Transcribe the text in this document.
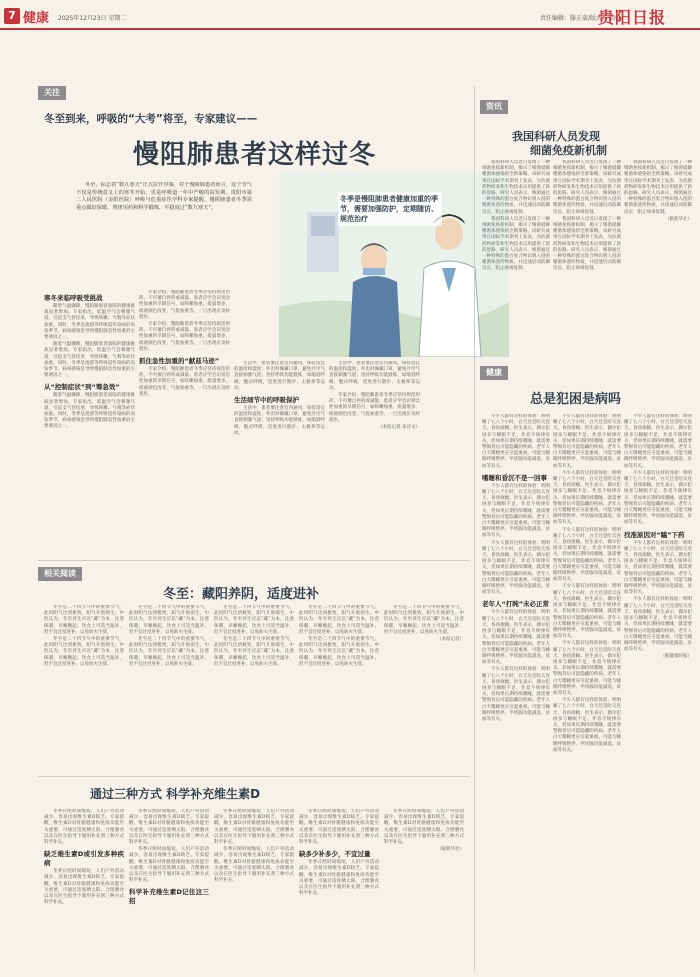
7 健康 2025年12月23日 星期二	责任编辑：滕正豪/版式：吴丽
贵阳日报
关注
冬至到来，呼吸的“大考”将至，专家建议——
慢阻肺患者这样过冬

冬至，标志着“数九寒天”正式拉开序幕，对于慢阻肺患者而言，这个节气不仅是传统意义上的寒冬开始，更是呼吸道一年中严峻的高发期。贵阳市第二人民医院（金阳医院）呼吸与危重症医学科专家提醒，慢阻肺患者冬季需重点做好保暖、规律用药和科学锻炼，平稳度过“数九寒天”。

冬季是慢阻肺患者健康加重的季节，需要加强防护，定期随访、规范治疗
寒冬来临呼吸受挑战

随着气温骤降，慢阻肺患者面临的健康挑战显著增加。专家指出，低温空气会刺激气道，引起支气管痉挛，导致咳嗽、气喘等症状加重。同时，冬季是流感等呼吸道传染病的高发季节，病毒感染是导致慢阻肺急性加重的主要诱因之一。

随着气温骤降，慢阻肺患者面临的健康挑战显著增加。专家指出，低温空气会刺激气道，引起支气管痉挛，导致咳嗽、气喘等症状加重。同时，冬季是流感等呼吸道传染病的高发季节，病毒感染是导致慢阻肺急性加重的主要诱因之一。

从“控制症状”到“筹急效”

随着气温骤降，慢阻肺患者面临的健康挑战显著增加。专家指出，低温空气会刺激气道，引起支气管痉挛，导致咳嗽、气喘等症状加重。同时，冬季是流感等呼吸道传染病的高发季节，病毒感染是导致慢阻肺急性加重的主要诱因之一。

专家介绍，慢阻肺患者冬季应坚持规范用药，不可擅自停药或减量。患者应学会识别急性加重的早期信号，如咳嗽加重、痰量增多、痰液颜色改变、气促加重等，一旦出现应及时就医。

专家介绍，慢阻肺患者冬季应坚持规范用药，不可擅自停药或减量。患者应学会识别急性加重的早期信号，如咳嗽加重、痰量增多、痰液颜色改变、气促加重等，一旦出现应及时就医。

抓住急性加重的“献兹马迹”

专家介绍，慢阻肺患者冬季应坚持规范用药，不可擅自停药或减量。患者应学会识别急性加重的早期信号，如咳嗽加重、痰量增多、痰液颜色改变、气促加重等，一旦出现应及时就医。

生活中，患者要注意室内通风，保持适宜的温度和湿度；外出时佩戴口罩，避免冷空气直接刺激气道；坚持呼吸功能锻炼，如缩唇呼吸、腹式呼吸，适度进行散步、太极拳等运动。

生活细节中的呼吸保护

生活中，患者要注意室内通风，保持适宜的温度和湿度；外出时佩戴口罩，避免冷空气直接刺激气道；坚持呼吸功能锻炼，如缩唇呼吸、腹式呼吸，适度进行散步、太极拳等运动。

生活中，患者要注意室内通风，保持适宜的温度和湿度；外出时佩戴口罩，避免冷空气直接刺激气道；坚持呼吸功能锻炼，如缩唇呼吸、腹式呼吸，适度进行散步、太极拳等运动。

专家介绍，慢阻肺患者冬季应坚持规范用药，不可擅自停药或减量。患者应学会识别急性加重的早期信号，如咳嗽加重、痰量增多、痰液颜色改变、气促加重等，一旦出现应及时就医。

（本报记者 朱诗文）

资讯
我国科研人员发现
细菌免疫新机制

我国科研人员近日发现了一种细菌免疫新机制，揭示了细菌抵御噬菌体感染的全新策略。该研究成果在国际学术期刊上发表，为抗菌药物研发和生物技术应用提供了新的思路。研究人员表示，细菌通过一种特殊的蛋白复合物识别入侵的噬菌体遗传物质，并迅速启动防御反应，阻止病毒复制。

我国科研人员近日发现了一种细菌免疫新机制，揭示了细菌抵御噬菌体感染的全新策略。该研究成果在国际学术期刊上发表，为抗菌药物研发和生物技术应用提供了新的思路。研究人员表示，细菌通过一种特殊的蛋白复合物识别入侵的噬菌体遗传物质，并迅速启动防御反应，阻止病毒复制。

我国科研人员近日发现了一种细菌免疫新机制，揭示了细菌抵御噬菌体感染的全新策略。该研究成果在国际学术期刊上发表，为抗菌药物研发和生物技术应用提供了新的思路。研究人员表示，细菌通过一种特殊的蛋白复合物识别入侵的噬菌体遗传物质，并迅速启动防御反应，阻止病毒复制。

我国科研人员近日发现了一种细菌免疫新机制，揭示了细菌抵御噬菌体感染的全新策略。该研究成果在国际学术期刊上发表，为抗菌药物研发和生物技术应用提供了新的思路。研究人员表示，细菌通过一种特殊的蛋白复合物识别入侵的噬菌体遗传物质，并迅速启动防御反应，阻止病毒复制。

我国科研人员近日发现了一种细菌免疫新机制，揭示了细菌抵御噬菌体感染的全新策略。该研究成果在国际学术期刊上发表，为抗菌药物研发和生物技术应用提供了新的思路。研究人员表示，细菌通过一种特殊的蛋白复合物识别入侵的噬菌体遗传物质，并迅速启动防御反应，阻止病毒复制。

（据新华社）

健康
总是犯困是病吗

不少人都有这样的体验：明明睡了七八个小时，白天还是哈欠连天、昏昏欲睡。医生表示，偶尔犯困多与睡眠不足、作息不规律有关，但如果长期持续嗜睡，就需要警惕背后可能隐藏的疾病。老年人白天嗜睡更应引起重视，可能与睡眠呼吸暂停、甲状腺功能减退、贫血等有关。

嗜睡和昏沉不是一回事

不少人都有这样的体验：明明睡了七八个小时，白天还是哈欠连天、昏昏欲睡。医生表示，偶尔犯困多与睡眠不足、作息不规律有关，但如果长期持续嗜睡，就需要警惕背后可能隐藏的疾病。老年人白天嗜睡更应引起重视，可能与睡眠呼吸暂停、甲状腺功能减退、贫血等有关。

不少人都有这样的体验：明明睡了七八个小时，白天还是哈欠连天、昏昏欲睡。医生表示，偶尔犯困多与睡眠不足、作息不规律有关，但如果长期持续嗜睡，就需要警惕背后可能隐藏的疾病。老年人白天嗜睡更应引起重视，可能与睡眠呼吸暂停、甲状腺功能减退、贫血等有关。

老年人“打盹”未必正常

不少人都有这样的体验：明明睡了七八个小时，白天还是哈欠连天、昏昏欲睡。医生表示，偶尔犯困多与睡眠不足、作息不规律有关，但如果长期持续嗜睡，就需要警惕背后可能隐藏的疾病。老年人白天嗜睡更应引起重视，可能与睡眠呼吸暂停、甲状腺功能减退、贫血等有关。

不少人都有这样的体验：明明睡了七八个小时，白天还是哈欠连天、昏昏欲睡。医生表示，偶尔犯困多与睡眠不足、作息不规律有关，但如果长期持续嗜睡，就需要警惕背后可能隐藏的疾病。老年人白天嗜睡更应引起重视，可能与睡眠呼吸暂停、甲状腺功能减退、贫血等有关。

不少人都有这样的体验：明明睡了七八个小时，白天还是哈欠连天、昏昏欲睡。医生表示，偶尔犯困多与睡眠不足、作息不规律有关，但如果长期持续嗜睡，就需要警惕背后可能隐藏的疾病。老年人白天嗜睡更应引起重视，可能与睡眠呼吸暂停、甲状腺功能减退、贫血等有关。

不少人都有这样的体验：明明睡了七八个小时，白天还是哈欠连天、昏昏欲睡。医生表示，偶尔犯困多与睡眠不足、作息不规律有关，但如果长期持续嗜睡，就需要警惕背后可能隐藏的疾病。老年人白天嗜睡更应引起重视，可能与睡眠呼吸暂停、甲状腺功能减退、贫血等有关。

不少人都有这样的体验：明明睡了七八个小时，白天还是哈欠连天、昏昏欲睡。医生表示，偶尔犯困多与睡眠不足、作息不规律有关，但如果长期持续嗜睡，就需要警惕背后可能隐藏的疾病。老年人白天嗜睡更应引起重视，可能与睡眠呼吸暂停、甲状腺功能减退、贫血等有关。

不少人都有这样的体验：明明睡了七八个小时，白天还是哈欠连天、昏昏欲睡。医生表示，偶尔犯困多与睡眠不足、作息不规律有关，但如果长期持续嗜睡，就需要警惕背后可能隐藏的疾病。老年人白天嗜睡更应引起重视，可能与睡眠呼吸暂停、甲状腺功能减退、贫血等有关。

不少人都有这样的体验：明明睡了七八个小时，白天还是哈欠连天、昏昏欲睡。医生表示，偶尔犯困多与睡眠不足、作息不规律有关，但如果长期持续嗜睡，就需要警惕背后可能隐藏的疾病。老年人白天嗜睡更应引起重视，可能与睡眠呼吸暂停、甲状腺功能减退、贫血等有关。

不少人都有这样的体验：明明睡了七八个小时，白天还是哈欠连天、昏昏欲睡。医生表示，偶尔犯困多与睡眠不足、作息不规律有关，但如果长期持续嗜睡，就需要警惕背后可能隐藏的疾病。老年人白天嗜睡更应引起重视，可能与睡眠呼吸暂停、甲状腺功能减退、贫血等有关。

不少人都有这样的体验：明明睡了七八个小时，白天还是哈欠连天、昏昏欲睡。医生表示，偶尔犯困多与睡眠不足、作息不规律有关，但如果长期持续嗜睡，就需要警惕背后可能隐藏的疾病。老年人白天嗜睡更应引起重视，可能与睡眠呼吸暂停、甲状腺功能减退、贫血等有关。

不少人都有这样的体验：明明睡了七八个小时，白天还是哈欠连天、昏昏欲睡。医生表示，偶尔犯困多与睡眠不足、作息不规律有关，但如果长期持续嗜睡，就需要警惕背后可能隐藏的疾病。老年人白天嗜睡更应引起重视，可能与睡眠呼吸暂停、甲状腺功能减退、贫血等有关。

找准原因对“瞌”下药

不少人都有这样的体验：明明睡了七八个小时，白天还是哈欠连天、昏昏欲睡。医生表示，偶尔犯困多与睡眠不足、作息不规律有关，但如果长期持续嗜睡，就需要警惕背后可能隐藏的疾病。老年人白天嗜睡更应引起重视，可能与睡眠呼吸暂停、甲状腺功能减退、贫血等有关。

不少人都有这样的体验：明明睡了七八个小时，白天还是哈欠连天、昏昏欲睡。医生表示，偶尔犯困多与睡眠不足、作息不规律有关，但如果长期持续嗜睡，就需要警惕背后可能隐藏的疾病。老年人白天嗜睡更应引起重视，可能与睡眠呼吸暂停、甲状腺功能减退、贫血等有关。

（据健康时报）

相关阅读
冬至：藏阳养阴，适度进补

冬至是二十四节气中的重要节气，此时阴气达到极致，阳气开始萌生。中医认为，冬至养生应以“藏”为本，注意保暖，早睡晚起，饮食上可适当温补，但不宜过度进补，以免助火生痰。

冬至是二十四节气中的重要节气，此时阴气达到极致，阳气开始萌生。中医认为，冬至养生应以“藏”为本，注意保暖，早睡晚起，饮食上可适当温补，但不宜过度进补，以免助火生痰。

冬至是二十四节气中的重要节气，此时阴气达到极致，阳气开始萌生。中医认为，冬至养生应以“藏”为本，注意保暖，早睡晚起，饮食上可适当温补，但不宜过度进补，以免助火生痰。

冬至是二十四节气中的重要节气，此时阴气达到极致，阳气开始萌生。中医认为，冬至养生应以“藏”为本，注意保暖，早睡晚起，饮食上可适当温补，但不宜过度进补，以免助火生痰。

冬至是二十四节气中的重要节气，此时阴气达到极致，阳气开始萌生。中医认为，冬至养生应以“藏”为本，注意保暖，早睡晚起，饮食上可适当温补，但不宜过度进补，以免助火生痰。

冬至是二十四节气中的重要节气，此时阴气达到极致，阳气开始萌生。中医认为，冬至养生应以“藏”为本，注意保暖，早睡晚起，饮食上可适当温补，但不宜过度进补，以免助火生痰。

冬至是二十四节气中的重要节气，此时阴气达到极致，阳气开始萌生。中医认为，冬至养生应以“藏”为本，注意保暖，早睡晚起，饮食上可适当温补，但不宜过度进补，以免助火生痰。

冬至是二十四节气中的重要节气，此时阴气达到极致，阳气开始萌生。中医认为，冬至养生应以“藏”为本，注意保暖，早睡晚起，饮食上可适当温补，但不宜过度进补，以免助火生痰。

冬至是二十四节气中的重要节气，此时阴气达到极致，阳气开始萌生。中医认为，冬至养生应以“藏”为本，注意保暖，早睡晚起，饮食上可适当温补，但不宜过度进补，以免助火生痰。

（本报记者）

通过三种方式 科学补充维生素D

冬季日照时间缩短，人们户外活动减少，容易出现维生素D缺乏。专家提醒，维生素D对骨骼健康和免疫功能至关重要，可通过适度晒太阳、合理膳食以及在医生指导下服用补充剂三种方式科学补充。

缺乏维生素D或引发多种疾病

冬季日照时间缩短，人们户外活动减少，容易出现维生素D缺乏。专家提醒，维生素D对骨骼健康和免疫功能至关重要，可通过适度晒太阳、合理膳食以及在医生指导下服用补充剂三种方式科学补充。

冬季日照时间缩短，人们户外活动减少，容易出现维生素D缺乏。专家提醒，维生素D对骨骼健康和免疫功能至关重要，可通过适度晒太阳、合理膳食以及在医生指导下服用补充剂三种方式科学补充。

冬季日照时间缩短，人们户外活动减少，容易出现维生素D缺乏。专家提醒，维生素D对骨骼健康和免疫功能至关重要，可通过适度晒太阳、合理膳食以及在医生指导下服用补充剂三种方式科学补充。

科学补充维生素D记住这三招

冬季日照时间缩短，人们户外活动减少，容易出现维生素D缺乏。专家提醒，维生素D对骨骼健康和免疫功能至关重要，可通过适度晒太阳、合理膳食以及在医生指导下服用补充剂三种方式科学补充。

冬季日照时间缩短，人们户外活动减少，容易出现维生素D缺乏。专家提醒，维生素D对骨骼健康和免疫功能至关重要，可通过适度晒太阳、合理膳食以及在医生指导下服用补充剂三种方式科学补充。

冬季日照时间缩短，人们户外活动减少，容易出现维生素D缺乏。专家提醒，维生素D对骨骼健康和免疫功能至关重要，可通过适度晒太阳、合理膳食以及在医生指导下服用补充剂三种方式科学补充。

缺多少补多少，不宜过量

冬季日照时间缩短，人们户外活动减少，容易出现维生素D缺乏。专家提醒，维生素D对骨骼健康和免疫功能至关重要，可通过适度晒太阳、合理膳食以及在医生指导下服用补充剂三种方式科学补充。

冬季日照时间缩短，人们户外活动减少，容易出现维生素D缺乏。专家提醒，维生素D对骨骼健康和免疫功能至关重要，可通过适度晒太阳、合理膳食以及在医生指导下服用补充剂三种方式科学补充。

（据新华社）
